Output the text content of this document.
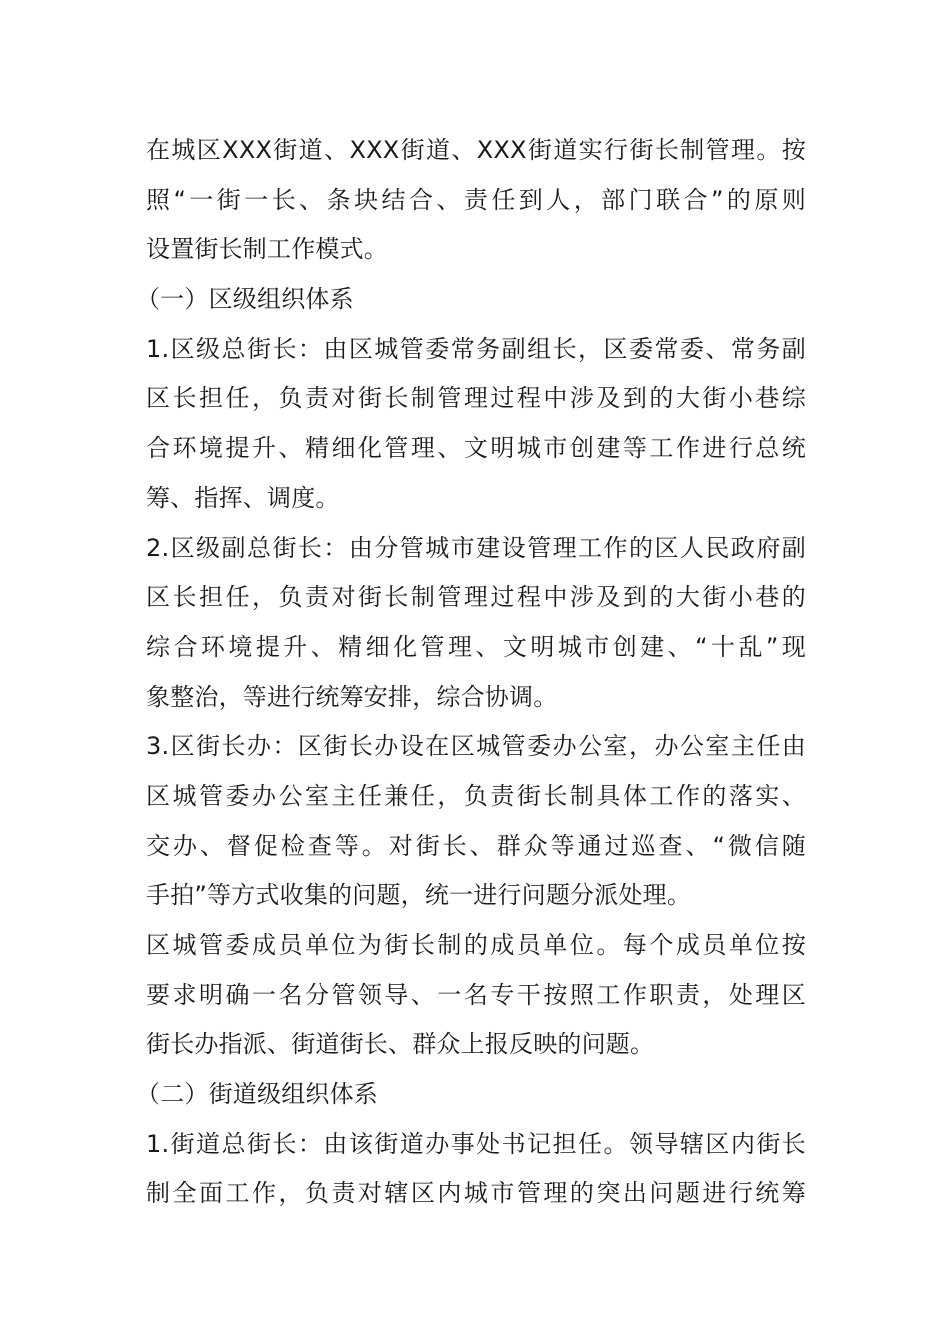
在城区XXX街道、XXX街道、XXX街道实行街长制管理。按
照“一街一长、条块结合、责任到人，部门联合”的原则
设置街长制工作模式。
（一）区级组织体系
1.区级总街长：由区城管委常务副组长，区委常委、常务副
区长担任，负责对街长制管理过程中涉及到的大街小巷综
合环境提升、精细化管理、文明城市创建等工作进行总统
筹、指挥、调度。
2.区级副总街长：由分管城市建设管理工作的区人民政府副
区长担任，负责对街长制管理过程中涉及到的大街小巷的
综合环境提升、精细化管理、文明城市创建、“十乱”现
象整治，等进行统筹安排，综合协调。
3.区街长办：区街长办设在区城管委办公室，办公室主任由
区城管委办公室主任兼任，负责街长制具体工作的落实、
交办、督促检查等。对街长、群众等通过巡查、“微信随
手拍”等方式收集的问题，统一进行问题分派处理。
区城管委成员单位为街长制的成员单位。每个成员单位按
要求明确一名分管领导、一名专干按照工作职责，处理区
街长办指派、街道街长、群众上报反映的问题。
（二）街道级组织体系
1.街道总街长：由该街道办事处书记担任。领导辖区内街长
制全面工作，负责对辖区内城市管理的突出问题进行统筹
